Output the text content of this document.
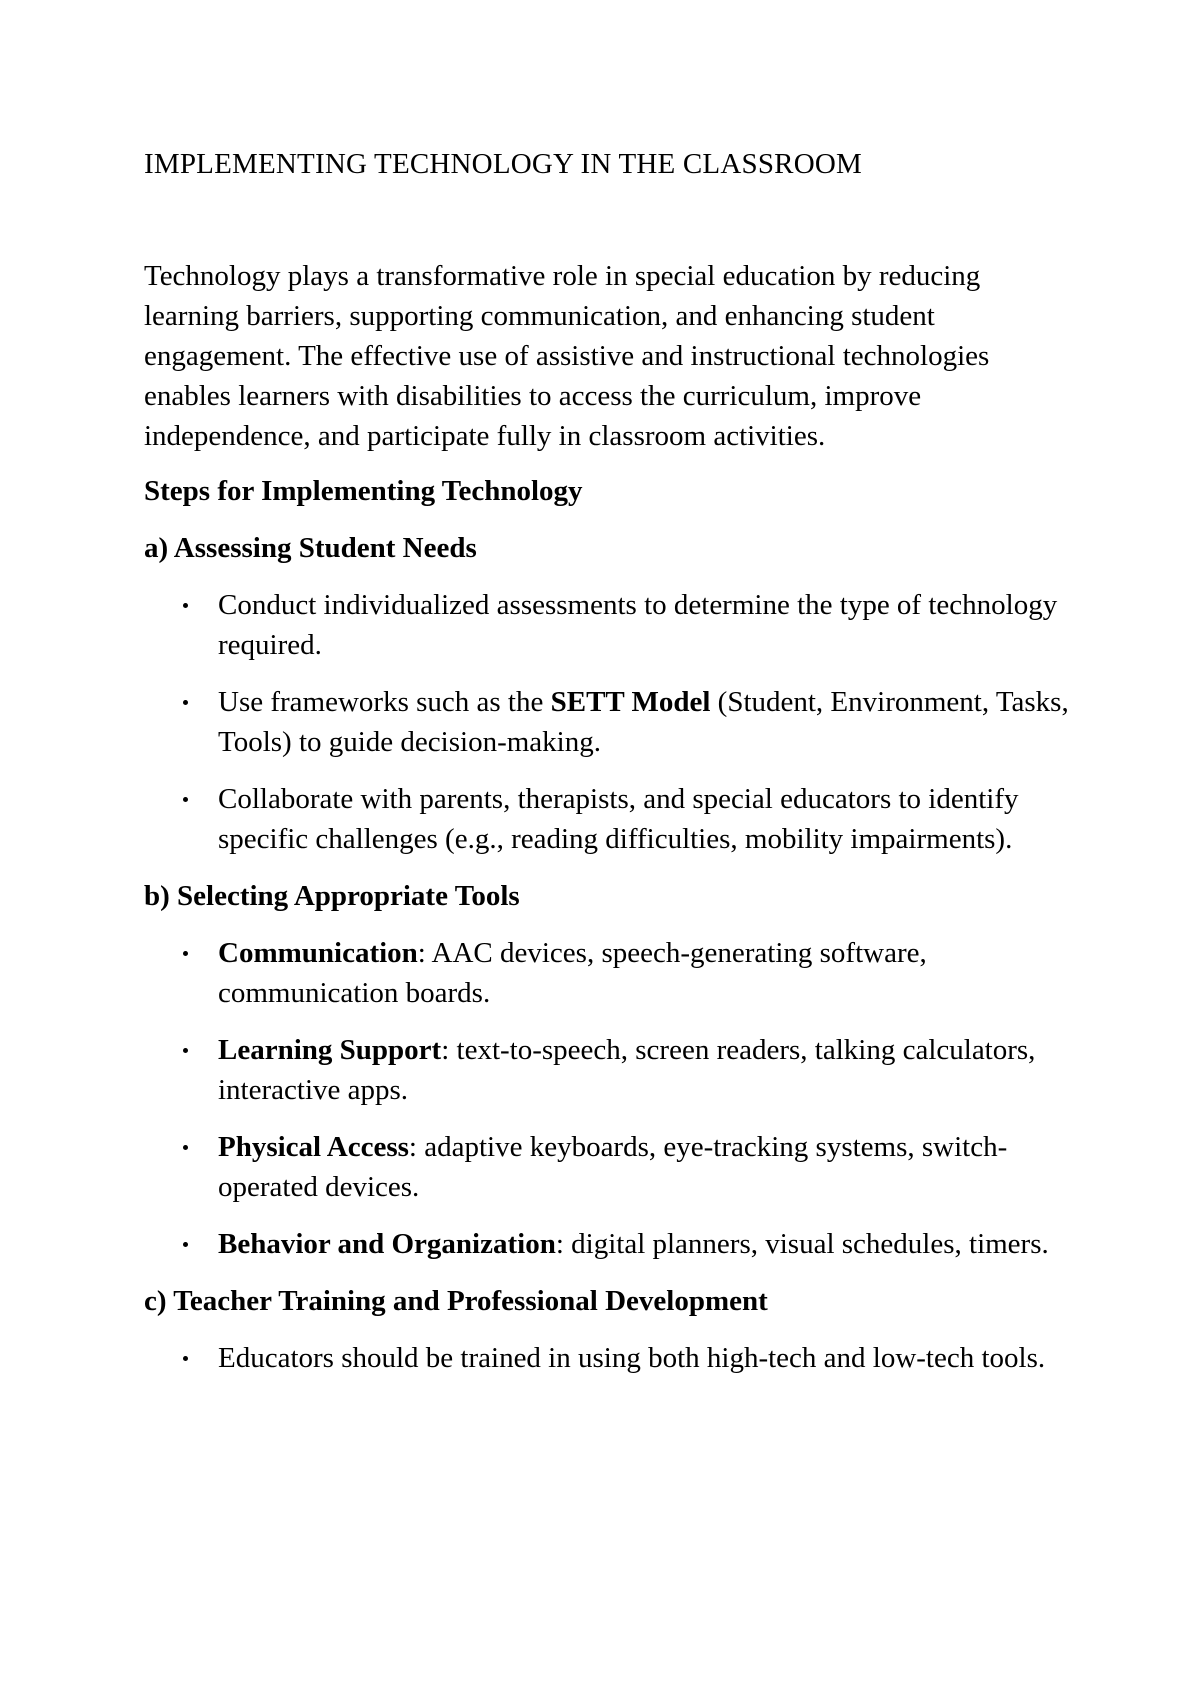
IMPLEMENTING TECHNOLOGY IN THE CLASSROOM

Technology plays a transformative role in special education by reducing learning barriers, supporting communication, and enhancing student engagement. The effective use of assistive and instructional technologies enables learners with disabilities to access the curriculum, improve independence, and participate fully in classroom activities.

Steps for Implementing Technology

a) Assessing Student Needs

Conduct individualized assessments to determine the type of technology required.
Use frameworks such as the SETT Model (Student, Environment, Tasks, Tools) to guide decision-making.
Collaborate with parents, therapists, and special educators to identify specific challenges (e.g., reading difficulties, mobility impairments).

b) Selecting Appropriate Tools

Communication: AAC devices, speech-generating software, communication boards.
Learning Support: text-to-speech, screen readers, talking calculators, interactive apps.
Physical Access: adaptive keyboards, eye-tracking systems, switch-operated devices.
Behavior and Organization: digital planners, visual schedules, timers.

c) Teacher Training and Professional Development

Educators should be trained in using both high-tech and low-tech tools.
